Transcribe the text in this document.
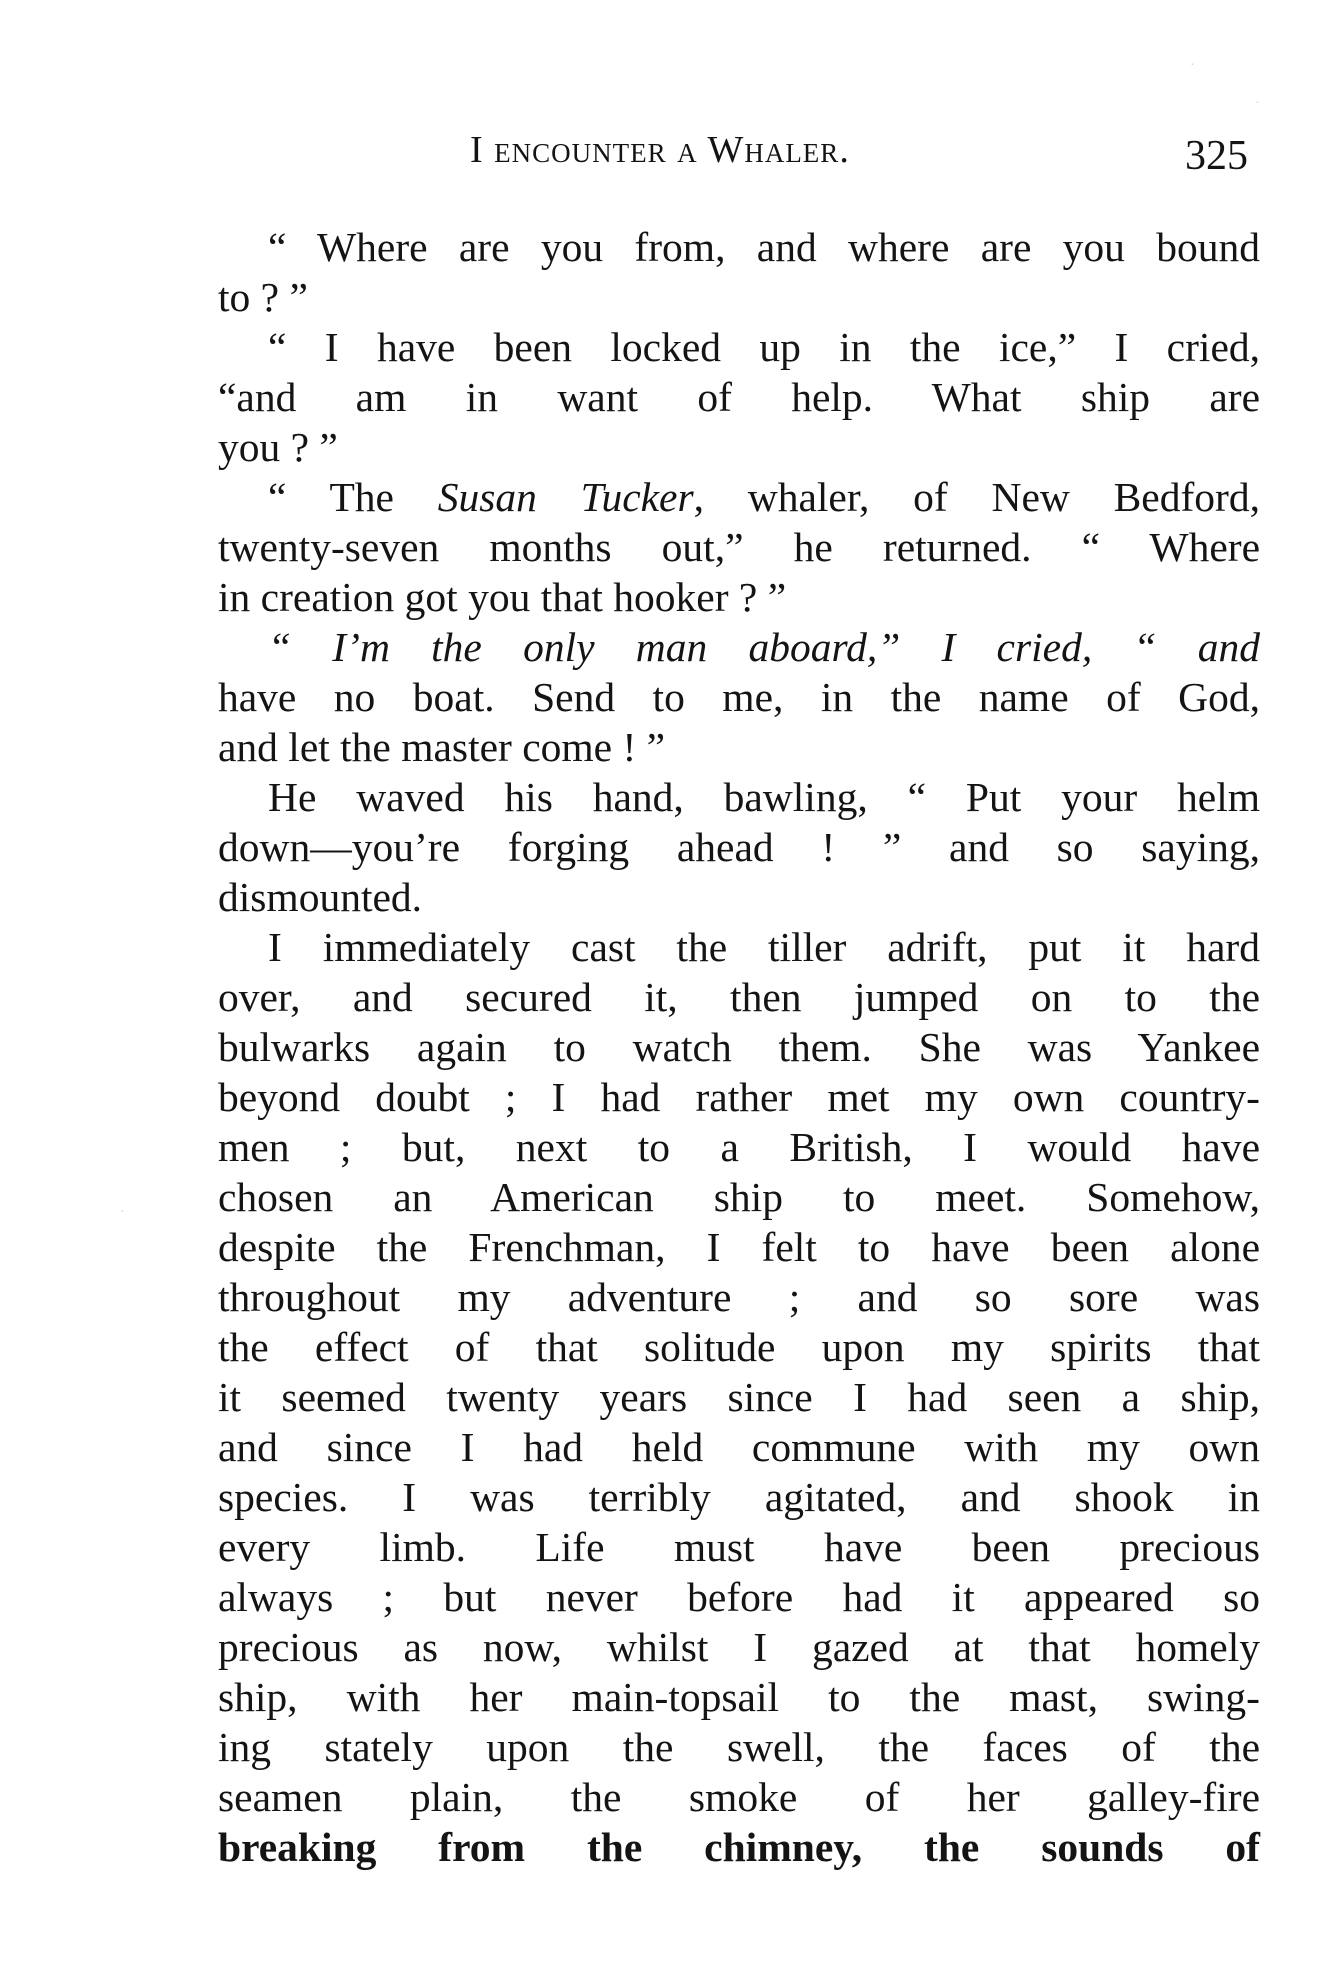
I encounter a Whaler.	325
“ Where are you from, and where are you bound
to ? ”
“ I have been locked up in the ice,” I cried,
“and am in want of help. What ship are
you ? ”
“ The Susan Tucker, whaler, of New Bedford,
twenty-seven months out,” he returned. “ Where
in creation got you that hooker ? ”
“ I’m the only man aboard,” I cried, “ and
have no boat. Send to me, in the name of God,
and let the master come ! ”
He waved his hand, bawling, “ Put your helm
down—you’re forging ahead ! ” and so saying,
dismounted.
I immediately cast the tiller adrift, put it hard
over, and secured it, then jumped on to the
bulwarks again to watch them. She was Yankee
beyond doubt ; I had rather met my own country-
men ; but, next to a British, I would have
chosen an American ship to meet. Somehow,
despite the Frenchman, I felt to have been alone
throughout my adventure ; and so sore was
the effect of that solitude upon my spirits that
it seemed twenty years since I had seen a ship,
and since I had held commune with my own
species. I was terribly agitated, and shook in
every limb. Life must have been precious
always ; but never before had it appeared so
precious as now, whilst I gazed at that homely
ship, with her main-topsail to the mast, swing-
ing stately upon the swell, the faces of the
seamen plain, the smoke of her galley-fire
breaking from the chimney, the sounds of
·
·
·
